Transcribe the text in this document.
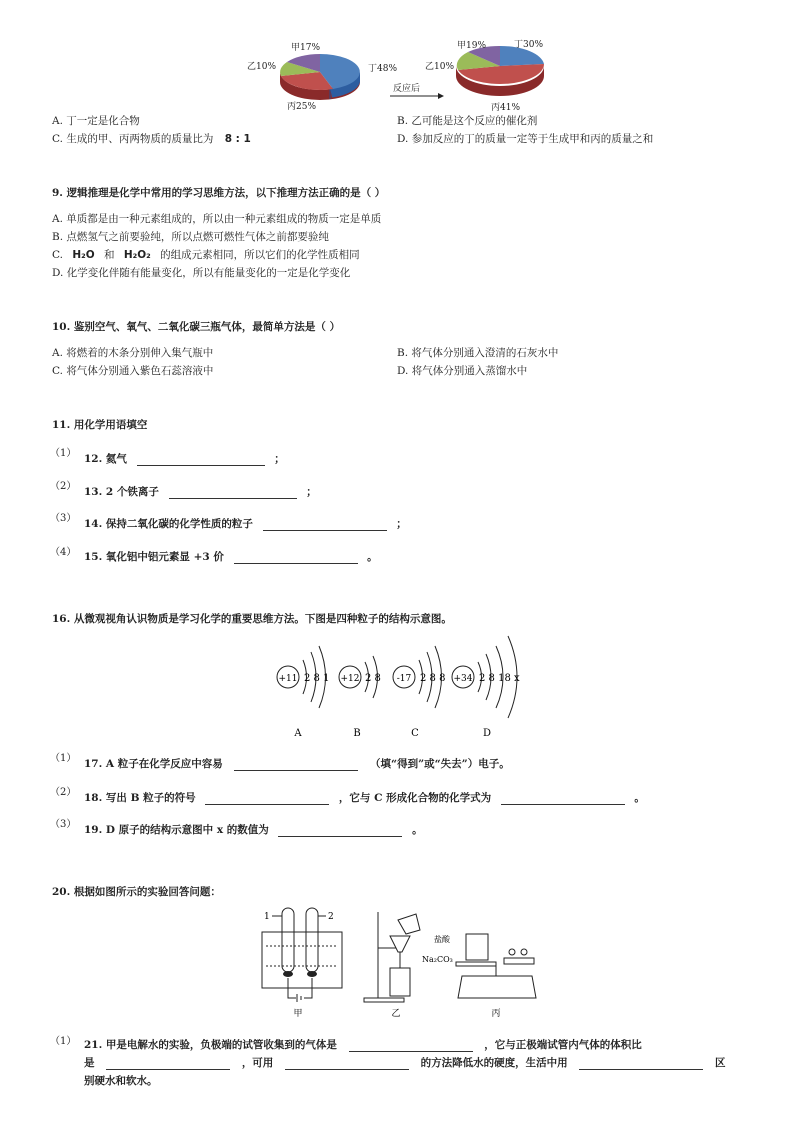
甲17%
乙10%	丁48%
丙25%
反应后
甲19%	丁30%
乙10%
丙41%
A. 丁一定是化合物	B. 乙可能是这个反应的催化剂
C. 生成的甲、丙两物质的质量比为 8 : 1	D. 参加反应的丁的质量一定等于生成甲和丙的质量之和
9. 逻辑推理是化学中常用的学习思维方法，以下推理方法正确的是（ ）
A. 单质都是由一种元素组成的，所以由一种元素组成的物质一定是单质
B. 点燃氢气之前要验纯，所以点燃可燃性气体之前都要验纯
C. H₂O 和 H₂O₂ 的组成元素相同，所以它们的化学性质相同
D. 化学变化伴随有能量变化，所以有能量变化的一定是化学变化
10. 鉴别空气、氧气、二氧化碳三瓶气体，最简单方法是（ ）
A. 将燃着的木条分别伸入集气瓶中	B. 将气体分别通入澄清的石灰水中
C. 将气体分别通入紫色石蕊溶液中	D. 将气体分别通入蒸馏水中
11. 用化学用语填空
（1） 12. 氦气	；
（2） 13. 2 个铁离子	；
（3） 14. 保持二氧化碳的化学性质的粒子	；
（4） 15. 氧化铝中铝元素显 +3 价	。
16. 从微观视角认识物质是学习化学的重要思维方法。下图是四种粒子的结构示意图。
+11 2 8 1
A
+12 2 8
B
-17 2 8 8
C
+34 2 8 18 x
D
（1） 17. A 粒子在化学反应中容易	（填“得到”或“失去”）电子。
（2） 18. 写出 B 粒子的符号	，它与 C 形成化合物的化学式为	。
（3） 19. D 原子的结构示意图中 x 的数值为	。
20. 根据如图所示的实验回答问题：
1	2
甲	乙
盐酸
Na₂CO₃
丙
（1） 21. 甲是电解水的实验，负极端的试管收集到的气体是	，它与正极端试管内气体的体积比
是	，可用	的方法降低水的硬度，生活中用	区
别硬水和软水。
